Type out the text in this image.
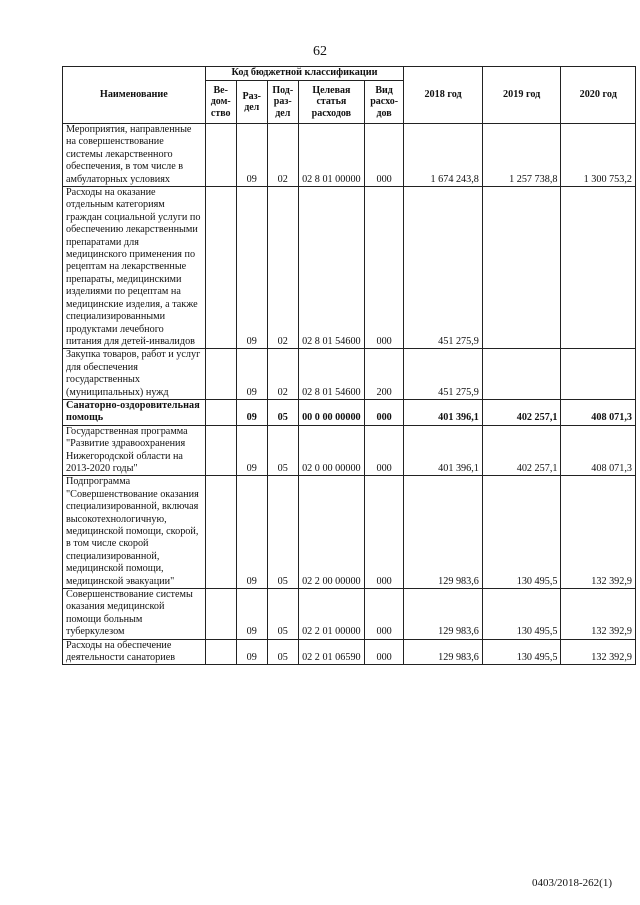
62
Наименование	Код бюджетной классификации					2018 год	2019 год	2020 год
	Ве-дом-ство	Раз-дел	Под-раз-дел	Целевая статья расходов	Вид расхо-дов			
Мероприятия, направленные на совершенствование системы лекарственного обеспечения, в том числе в амбулаторных условиях		09	02	02 8 01 00000	000	1 674 243,8	1 257 738,8	1 300 753,2
Расходы на оказание отдельным категориям граждан социальной услуги по обеспечению лекарственными препаратами для медицинского применения по рецептам на лекарственные препараты, медицинскими изделиями по рецептам на медицинские изделия, а также специализированными продуктами лечебного питания для детей-инвалидов		09	02	02 8 01 54600	000	451 275,9		
Закупка товаров, работ и услуг для обеспечения государственных (муниципальных) нужд		09	02	02 8 01 54600	200	451 275,9		
Санаторно-оздоровительная помощь		09	05	00 0 00 00000	000	401 396,1	402 257,1	408 071,3
Государственная программа "Развитие здравоохранения Нижегородской области на 2013-2020 годы"		09	05	02 0 00 00000	000	401 396,1	402 257,1	408 071,3
Подпрограмма "Совершенствование оказания специализированной, включая высокотехнологичную, медицинской помощи, скорой, в том числе скорой специализированной, медицинской помощи, медицинской эвакуации"		09	05	02 2 00 00000	000	129 983,6	130 495,5	132 392,9
Совершенствование системы оказания медицинской помощи больным туберкулезом		09	05	02 2 01 00000	000	129 983,6	130 495,5	132 392,9
Расходы на обеспечение деятельности санаториев		09	05	02 2 01 06590	000	129 983,6	130 495,5	132 392,9
0403/2018-262(1)
